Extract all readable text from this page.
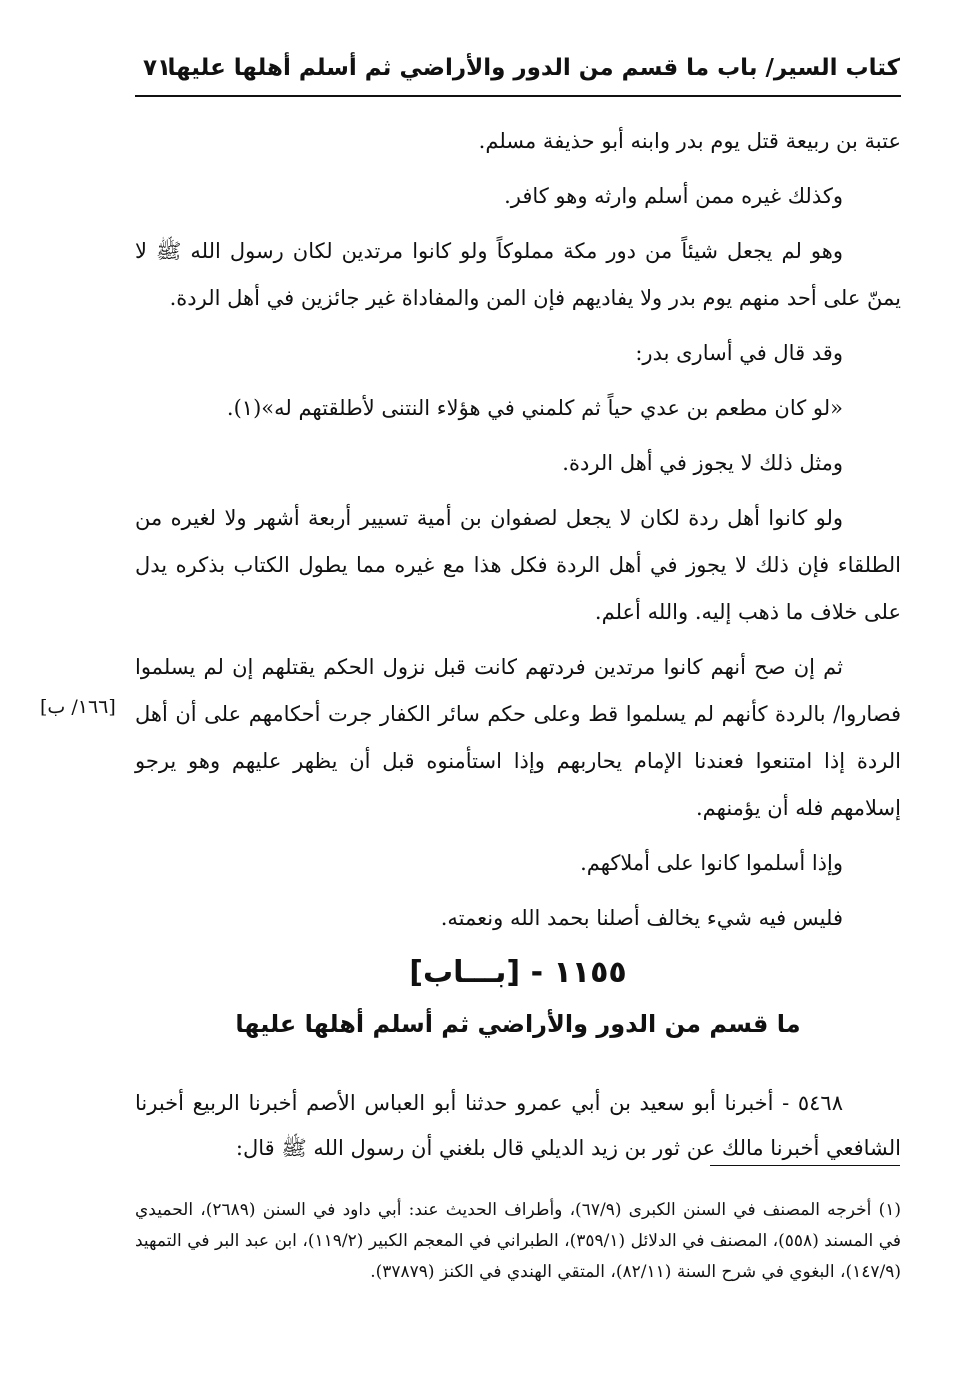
كتاب السير/ باب ما قسم من الدور والأراضي ثم أسلم أهلها عليها
٧١

عتبة بن ربيعة قتل يوم بدر وابنه أبو حذيفة مسلم.

وكذلك غيره ممن أسلم وارثه وهو كافر.

وهو لم يجعل شيئاً من دور مكة مملوكاً ولو كانوا مرتدين لكان رسول الله ﷺ لا يمنّ على أحد منهم يوم بدر ولا يفاديهم فإن المن والمفاداة غير جائزين في أهل الردة.

وقد قال في أسارى بدر:

«لو كان مطعم بن عدي حياً ثم كلمني في هؤلاء النتنى لأطلقتهم له»(١).

ومثل ذلك لا يجوز في أهل الردة.

ولو كانوا أهل ردة لكان لا يجعل لصفوان بن أمية تسيير أربعة أشهر ولا لغيره من الطلقاء فإن ذلك لا يجوز في أهل الردة فكل هذا مع غيره مما يطول الكتاب بذكره يدل على خلاف ما ذهب إليه. والله أعلم.

ثم إن صح أنهم كانوا مرتدين فردتهم كانت قبل نزول الحكم يقتلهم إن لم يسلموا فصاروا/ بالردة كأنهم لم يسلموا قط وعلى حكم سائر الكفار جرت أحكامهم على أن أهل الردة إذا امتنعوا فعندنا الإمام يحاربهم وإذا استأمنوه قبل أن يظهر عليهم وهو يرجو إسلامهم فله أن يؤمنهم.

وإذا أسلموا كانوا على أملاكهم.

فليس فيه شيء يخالف أصلنا بحمد الله ونعمته.

[١٦٦/ ب]
١١٥٥ - [بـــاب]
ما قسم من الدور والأراضي ثم أسلم أهلها عليها

٥٤٦٨ - أخبرنا أبو سعيد بن أبي عمرو حدثنا أبو العباس الأصم أخبرنا الربيع أخبرنا الشافعي أخبرنا مالك عن ثور بن زيد الديلي قال بلغني أن رسول الله ﷺ قال:

(١) أخرجه المصنف في السنن الكبرى (٦٧/٩)، وأطراف الحديث عند: أبي داود في السنن (٢٦٨٩)، الحميدي في المسند (٥٥٨)، المصنف في الدلائل (٣٥٩/١)، الطبراني في المعجم الكبير (١١٩/٢)، ابن عبد البر في التمهيد (١٤٧/٩)، البغوي في شرح السنة (٨٢/١١)، المتقي الهندي في الكنز (٣٧٨٧٩).
